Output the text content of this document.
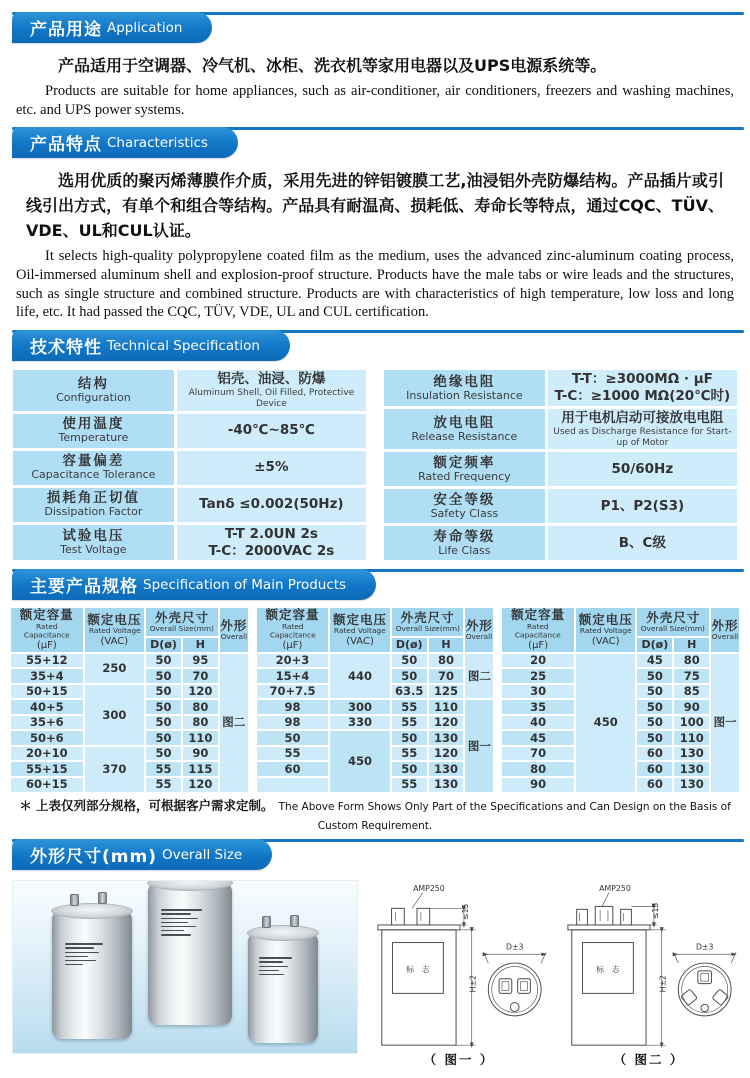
产品用途 Application

产品适用于空调器、冷气机、冰柜、洗衣机等家用电器以及UPS电源系统等。

Products are suitable for home appliances, such as air-conditioner, air conditioners, freezers and washing machines, etc. and UPS power systems.

产品特点 Characteristics

选用优质的聚丙烯薄膜作介质，采用先进的锌铝镀膜工艺,油浸铝外壳防爆结构。产品插片或引线引出方式，有单个和组合等结构。产品具有耐温高、损耗低、寿命长等特点，通过CQC、TÜV、VDE、UL和CUL认证。

It selects high-quality polypropylene coated film as the medium, uses the advanced zinc-aluminum coating process, Oil-immersed aluminum shell and explosion-proof structure. Products have the male tabs or wire leads and the structures, such as single structure and combined structure. Products are with characteristics of high temperature, low loss and long life, etc. It had passed the CQC, TÜV, VDE, UL and CUL certification.

技术特性 Technical Specification
结构
Configuration	铝壳、油浸、防爆
Aluminum Shell, Oil Filled, Protective Device

使用温度
Temperature	-40℃~85℃

容量偏差
Capacitance Tolerance	±5%

损耗角正切值
Dissipation Factor	Tanδ ≤0.002(50Hz)

试验电压
Test Voltage	T-T 2.0UN 2s
T-C：2000VAC 2s
绝缘电阻
Insulation Resistance	T-T：≥3000MΩ · μF
T-C：≥1000 MΩ(20℃时)

放电电阻
Release Resistance	用于电机启动可接放电电阻
Used as Discharge Resistance for Start-up of Motor

额定频率
Rated Frequency	50/60Hz

安全等级
Safety Class	P1、P2(S3)

寿命等级
Life Class	B、C级
主要产品规格 Specification of Main Products
额定容量
Rated Capacitance
(μF)	额定电压
Rated Voltage
(VAC)	外壳尺寸
Overall Size(mm)		外形
Overall

		D(ø)	H	
55+12	250	50	95	图二
35+4		50	70	
50+15	300	50	120	
40+5		50	80	
35+6		50	80	
50+6		50	110	
20+10	370	50	90	
55+15		55	115	
60+15		55	120	
额定容量
Rated Capacitance
(μF)	额定电压
Rated Voltage
(VAC)	外壳尺寸
Overall Size(mm)		外形
Overall

		D(ø)	H	
20+3	440	50	80	图二
15+4		50	70	
70+7.5		63.5	125	
98	300	55	110	图一
98	330	55	120	
50	450	50	130	
55		55	120	
60		50	130	
		55	130	
额定容量
Rated Capacitance
(μF)	额定电压
Rated Voltage
(VAC)	外壳尺寸
Overall Size(mm)		外形
Overall

		D(ø)	H	
20	450	45	80	图一
25		50	75	
30		50	85	
35		50	90	
40		50	100	
45		50	110	
70		60	130	
80		60	130	
90		60	130	
＊ 上表仅列部分规格，可根据客户需求定制。 The Above Form Shows Only Part of the Specifications and Can Design on the Basis of Custom Requirement.
外形尺寸(mm) Overall Size
AMP250
标　志
≤15
H±2
D±3
（ 图一 ）
AMP250
标　志
≤15
H±2
D±3
（ 图二 ）
